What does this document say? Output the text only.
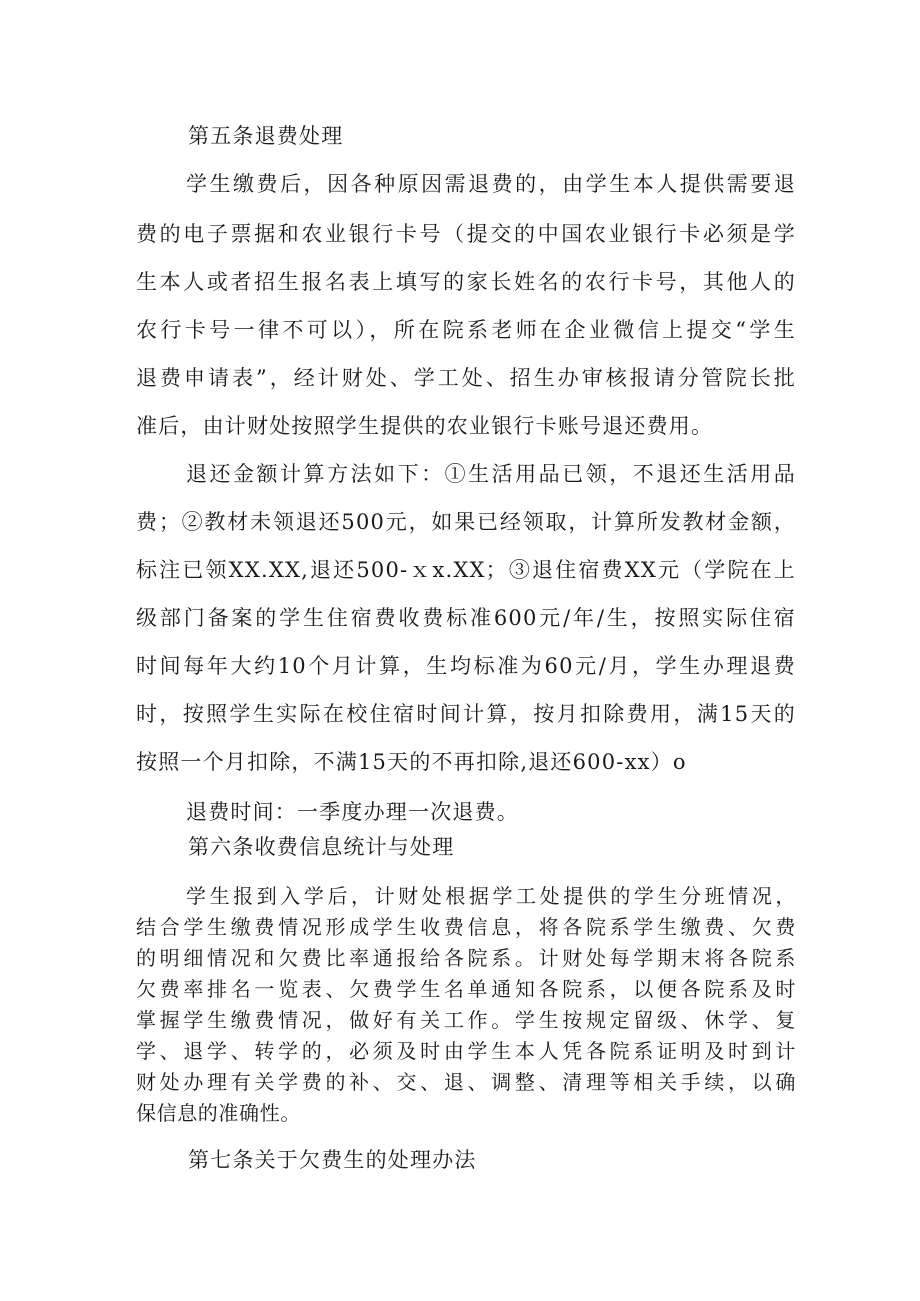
第五条退费处理
学生缴费后，因各种原因需退费的，由学生本人提供需要退
费的电子票据和农业银行卡号（提交的中国农业银行卡必须是学
生本人或者招生报名表上填写的家长姓名的农行卡号，其他人的
农行卡号一律不可以），所在院系老师在企业微信上提交“学生
退费申请表”，经计财处、学工处、招生办审核报请分管院长批
准后，由计财处按照学生提供的农业银行卡账号退还费用。
退还金额计算方法如下：①生活用品已领，不退还生活用品
费；②教材未领退还500元，如果已经领取，计算所发教材金额，
标注已领XX.XX,退还500-ｘx.XX；③退住宿费XX元（学院在上
级部门备案的学生住宿费收费标准600元/年/生，按照实际住宿
时间每年大约10个月计算，生均标准为60元/月，学生办理退费
时，按照学生实际在校住宿时间计算，按月扣除费用，满15天的
按照一个月扣除，不满15天的不再扣除,退还600-xx）o
退费时间：一季度办理一次退费。
第六条收费信息统计与处理
学生报到入学后，计财处根据学工处提供的学生分班情况，
结合学生缴费情况形成学生收费信息，将各院系学生缴费、欠费
的明细情况和欠费比率通报给各院系。计财处每学期末将各院系
欠费率排名一览表、欠费学生名单通知各院系，以便各院系及时
掌握学生缴费情况，做好有关工作。学生按规定留级、休学、复
学、退学、转学的，必须及时由学生本人凭各院系证明及时到计
财处办理有关学费的补、交、退、调整、清理等相关手续，以确
保信息的准确性。
第七条关于欠费生的处理办法
